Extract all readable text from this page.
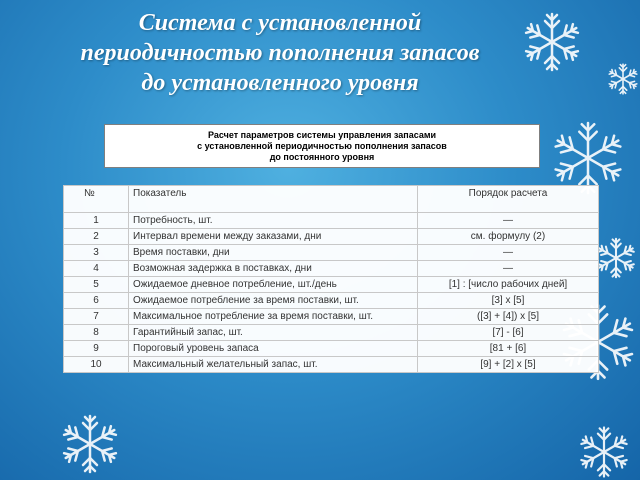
Система с установленной
периодичностью пополнения запасов
до установленного уровня
Расчет параметров системы управления запасами
с установленной периодичностью пополнения запасов
до постоянного уровня
№	Показатель	Порядок расчета
1	Потребность, шт.	—
2	Интервал времени между заказами, дни	см. формулу (2)
3	Время поставки, дни	—
4	Возможная задержка в поставках, дни	—
5	Ожидаемое дневное потребление, шт./день	[1] : [число рабочих дней]
6	Ожидаемое потребление за время поставки, шт.	[3] x [5]
7	Максимальное потребление за время поставки, шт.	([3] + [4]) x [5]
8	Гарантийный запас, шт.	[7] - [6]
9	Пороговый уровень запаса	[81 + [6]
10	Максимальный желательный запас, шт.	[9] + [2] x [5]
